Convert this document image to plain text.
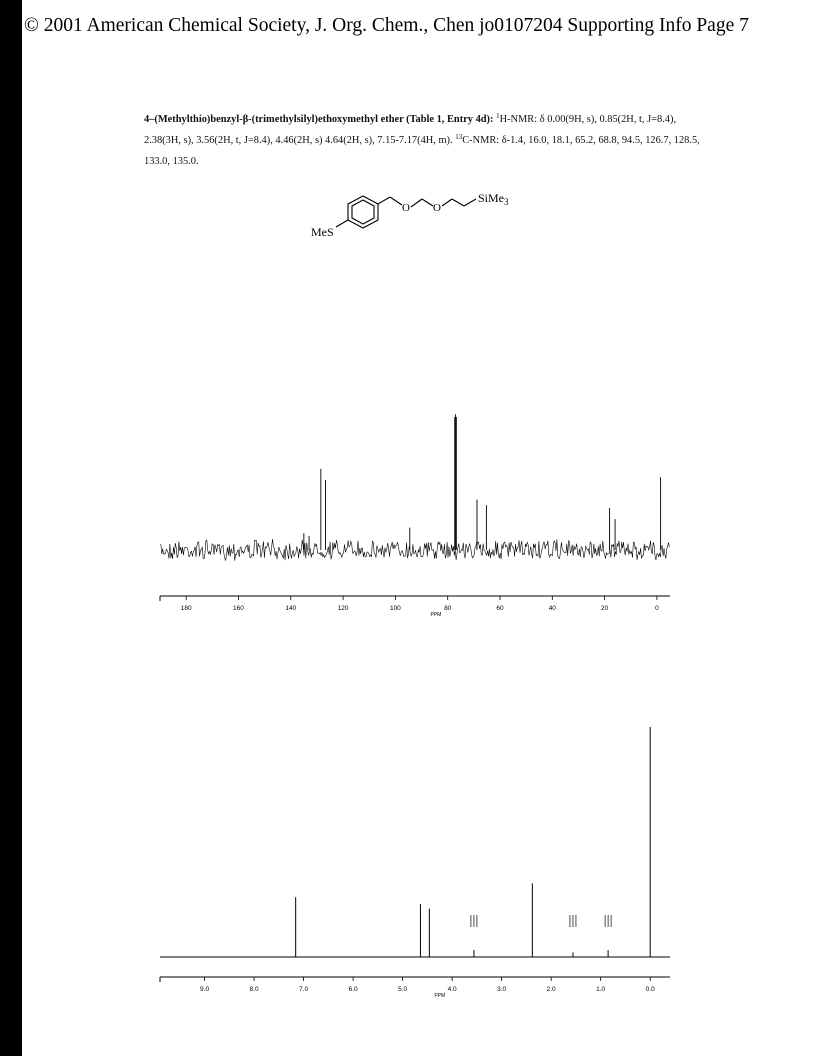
© 2001 American Chemical Society, J. Org. Chem., Chen jo0107204 Supporting Info Page 7
4–(Methylthio)benzyl-β-(trimethylsilyl)ethoxymethyl ether (Table 1, Entry 4d): $^1$H-NMR: δ 0.00(9H, s), 0.85(2H, t, J=8.4), 2.38(3H, s), 3.56(2H, t, J=8.4), 4.46(2H, s) 4.64(2H, s), 7.15-7.17(4H, m). $^{13}$C-NMR: δ-1.4, 16.0, 18.1, 65.2, 68.8, 94.5, 126.7, 128.5, 133.0, 135.0.
MeS
O O
SiMe$_3$
180	160	140	120	100	80	60	40	20	0
PPM
9.0	8.0	7.0	6.0	5.0	4.0	3.0	2.0	1.0	0.0
PPM
